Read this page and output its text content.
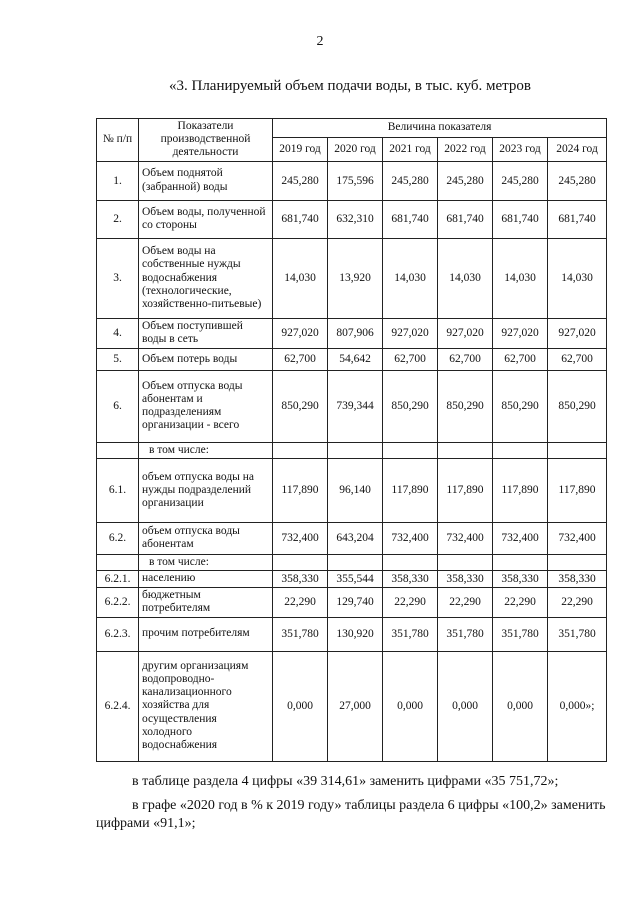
2
«3. Планируемый объем подачи воды, в тыс. куб. метров
№ п/п	Показатели производственной деятельности	Величина показателя					
		2019 год	2020 год	2021 год	2022 год	2023 год	2024 год
1.	Объем поднятой (забранной) воды	245,280	175,596	245,280	245,280	245,280	245,280
2.	Объем воды, полученной со стороны	681,740	632,310	681,740	681,740	681,740	681,740
3.	Объем воды на собственные нужды водоснабжения (технологические, хозяйственно-питьевые)	14,030	13,920	14,030	14,030	14,030	14,030
4.	Объем поступившей воды в сеть	927,020	807,906	927,020	927,020	927,020	927,020
5.	Объем потерь воды	62,700	54,642	62,700	62,700	62,700	62,700
6.	Объем отпуска воды абонентам и подразделениям организации - всего	850,290	739,344	850,290	850,290	850,290	850,290
	в том числе:						
6.1.	объем отпуска воды на нужды подразделений организации	117,890	96,140	117,890	117,890	117,890	117,890
6.2.	объем отпуска воды абонентам	732,400	643,204	732,400	732,400	732,400	732,400
	в том числе:						
6.2.1.	населению	358,330	355,544	358,330	358,330	358,330	358,330
6.2.2.	бюджетным потребителям	22,290	129,740	22,290	22,290	22,290	22,290
6.2.3.	прочим потребителям	351,780	130,920	351,780	351,780	351,780	351,780
6.2.4.	другим организациям водопроводно-канализационного хозяйства для осуществления холодного водоснабжения	0,000	27,000	0,000	0,000	0,000	0,000»;
в таблице раздела 4 цифры «39 314,61» заменить цифрами «35 751,72»;
в графе «2020 год в % к 2019 году» таблицы раздела 6 цифры «100,2» заменить цифрами «91,1»;
